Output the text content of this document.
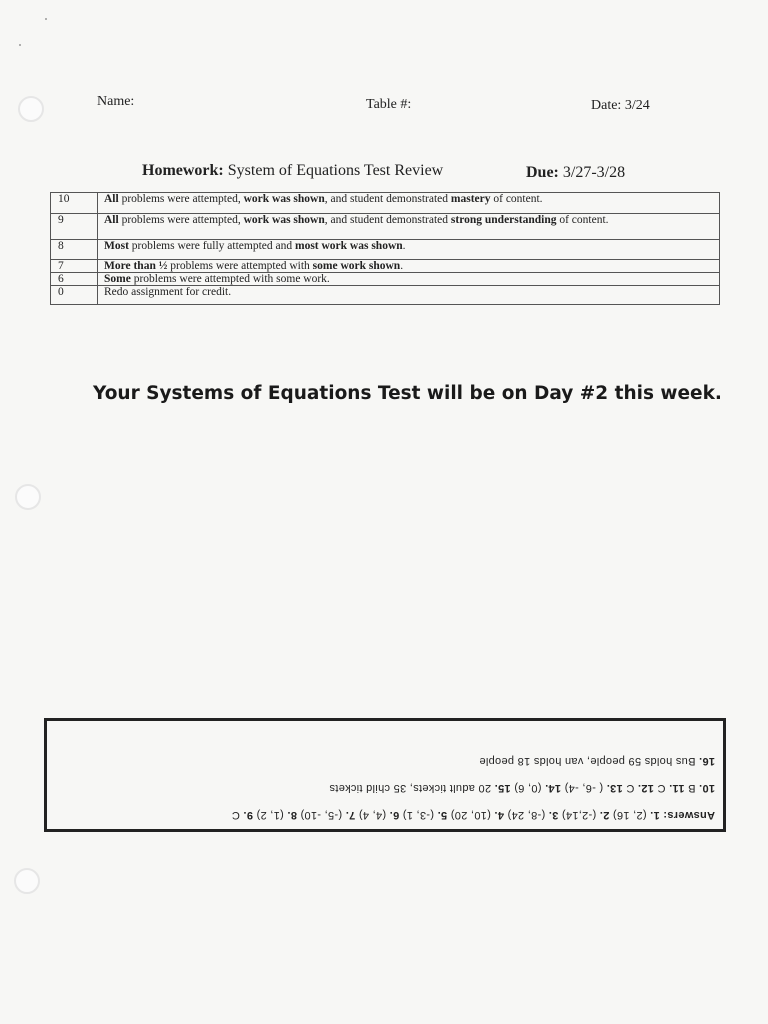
Name:	Table #:	Date: 3/24
Homework: System of Equations Test Review	Due: 3/27-3/28
10	All problems were attempted, work was shown, and student demonstrated mastery of content.
9	All problems were attempted, work was shown, and student demonstrated strong understanding of content.
8	Most problems were fully attempted and most work was shown.
7	More than ½ problems were attempted with some work shown.
6	Some problems were attempted with some work.
0	Redo assignment for credit.
Your Systems of Equations Test will be on Day #2 this week.
Answers: 1. (2, 16) 2. (-2,14) 3. (-8, 24) 4. (10, 20) 5. (-3, 1) 6. (4, 4) 7. (-5, -10) 8. (1, 2) 9. C
10. B 11. C 12. C 13. ( -6, -4) 14. (0, 6) 15. 20 adult tickets, 35 child tickets
16. Bus holds 59 people, van holds 18 people
